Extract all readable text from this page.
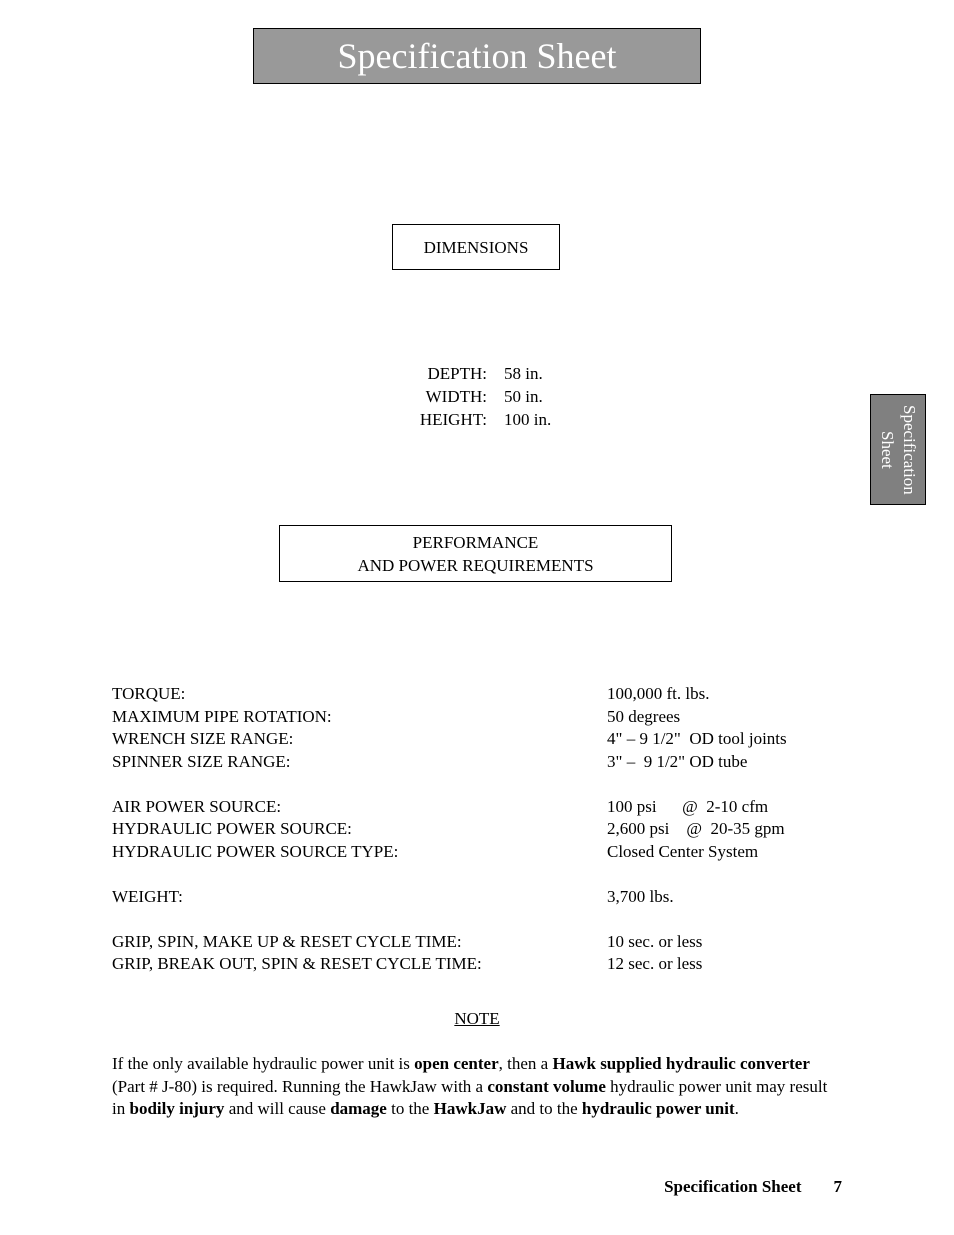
Specification Sheet
Specification
Sheet
DIMENSIONS
DEPTH:	58 in.
WIDTH:	50 in.
HEIGHT:	100 in.
PERFORMANCE
AND POWER REQUIREMENTS
TORQUE:	100,000 ft. lbs.
MAXIMUM PIPE ROTATION:	50 degrees
WRENCH SIZE RANGE:	4" – 9 1/2"  OD tool joints
SPINNER SIZE RANGE:	3" –  9 1/2" OD tube
AIR POWER SOURCE:	100 psi      @  2-10 cfm
HYDRAULIC POWER SOURCE:	2,600 psi    @  20-35 gpm
HYDRAULIC POWER SOURCE TYPE:	Closed Center System
WEIGHT:	3,700 lbs.
GRIP, SPIN, MAKE UP & RESET CYCLE TIME:	10 sec. or less
GRIP, BREAK OUT, SPIN & RESET CYCLE TIME:	12 sec. or less
NOTE
If the only available hydraulic power unit is open center, then a Hawk supplied hydraulic converter (Part # J-80) is required. Running the HawkJaw with a constant volume hydraulic power unit may result in bodily injury and will cause damage to the HawkJaw and to the hydraulic power unit.
Specification Sheet 7
